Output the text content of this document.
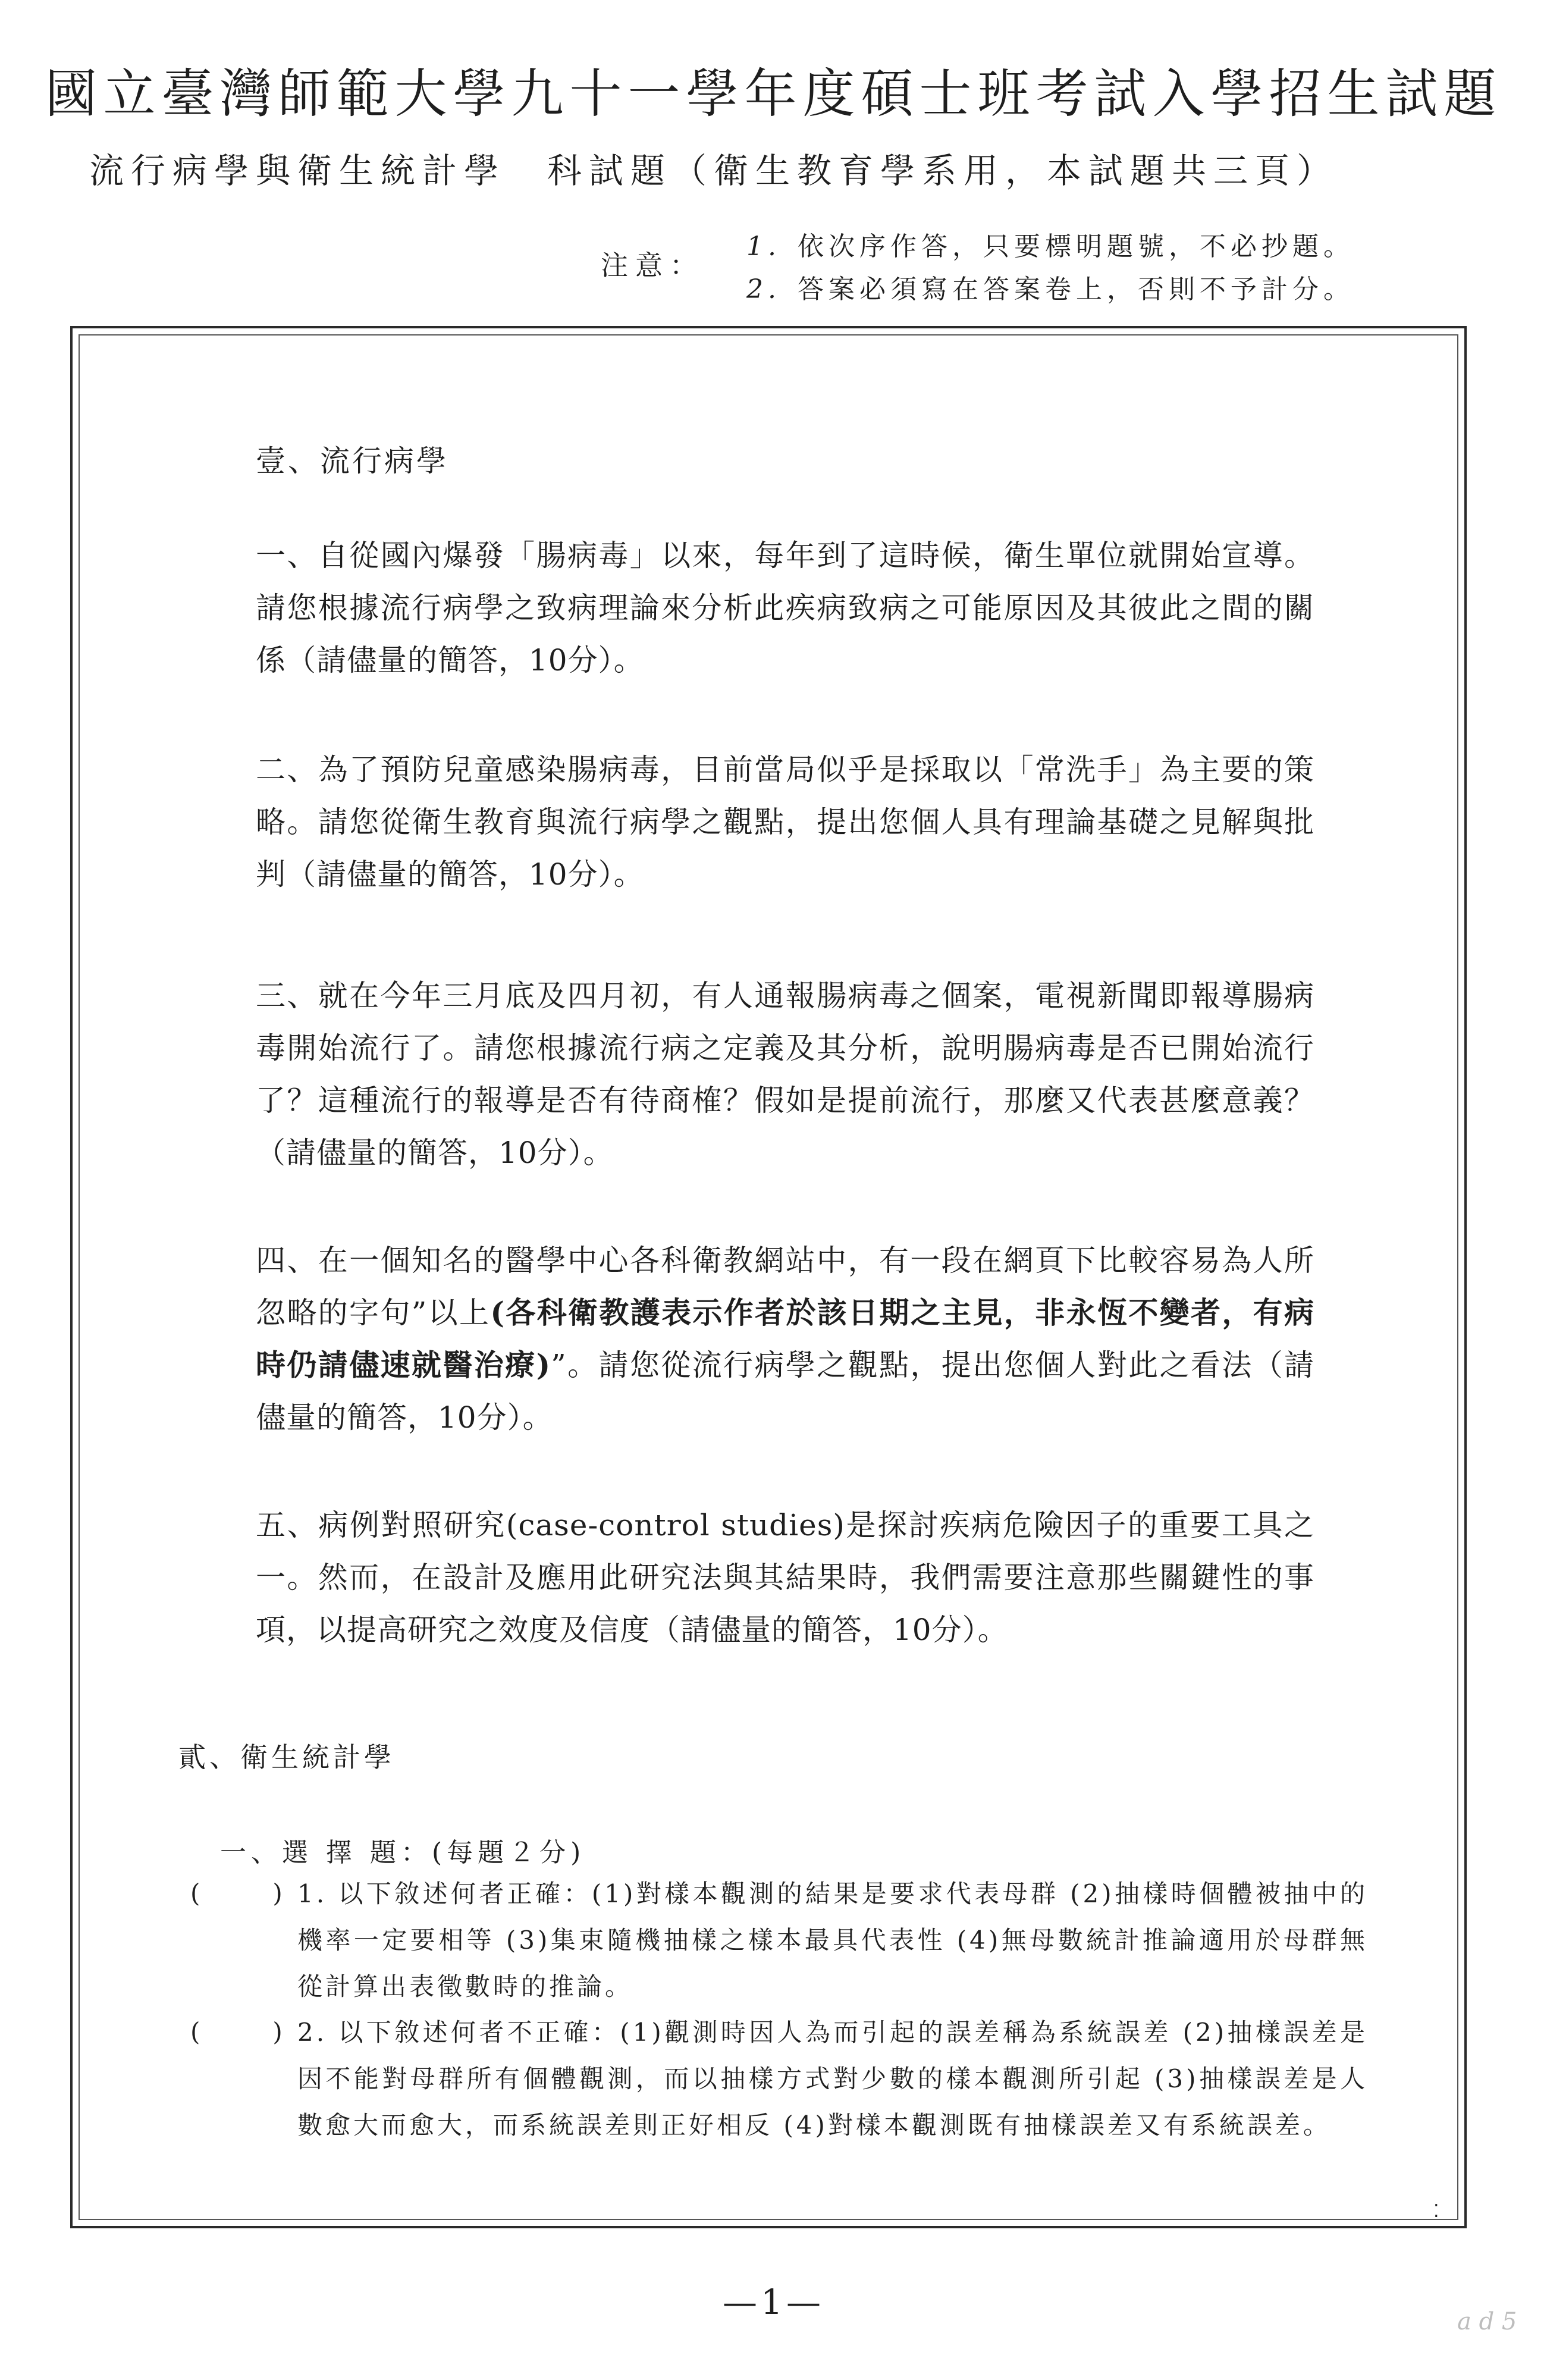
國立臺灣師範大學九十一學年度碩士班考試入學招生試題
流行病學與衛生統計學　科試題（衛生教育學系用，本試題共三頁）
注意：
1. 依次序作答，只要標明題號，不必抄題。
2. 答案必須寫在答案卷上，否則不予計分。
壹、流行病學
一、自從國內爆發「腸病毒」以來，每年到了這時候，衛生單位就開始宣導。請您根據流行病學之致病理論來分析此疾病致病之可能原因及其彼此之間的關係（請儘量的簡答，10分）。
二、為了預防兒童感染腸病毒，目前當局似乎是採取以「常洗手」為主要的策略。請您從衛生教育與流行病學之觀點，提出您個人具有理論基礎之見解與批判（請儘量的簡答，10分）。
三、就在今年三月底及四月初，有人通報腸病毒之個案，電視新聞即報導腸病毒開始流行了。請您根據流行病之定義及其分析，說明腸病毒是否已開始流行了？這種流行的報導是否有待商榷？假如是提前流行，那麼又代表甚麼意義？（請儘量的簡答，10分）。
四、在一個知名的醫學中心各科衛教網站中，有一段在網頁下比較容易為人所忽略的字句”以上(各科衛教護表示作者於該日期之主見，非永恆不變者，有病時仍請儘速就醫治療)”。請您從流行病學之觀點，提出您個人對此之看法（請儘量的簡答，10分）。
五、病例對照研究(case-control studies)是探討疾病危險因子的重要工具之一。然而，在設計及應用此研究法與其結果時，我們需要注意那些關鍵性的事項，以提高研究之效度及信度（請儘量的簡答，10分）。
貳、衛生統計學
一、選 擇 題：(每題２分)
(　)
1. 以下敘述何者正確：(1)對樣本觀測的結果是要求代表母群 (2)抽樣時個體被抽中的機率一定要相等 (3)集束隨機抽樣之樣本最具代表性 (4)無母數統計推論適用於母群無從計算出表徵數時的推論。
(　)
2. 以下敘述何者不正確：(1)觀測時因人為而引起的誤差稱為系統誤差 (2)抽樣誤差是因不能對母群所有個體觀測，而以抽樣方式對少數的樣本觀測所引起 (3)抽樣誤差是人數愈大而愈大，而系統誤差則正好相反 (4)對樣本觀測既有抽樣誤差又有系統誤差。
⁚
—1—	a d 5
